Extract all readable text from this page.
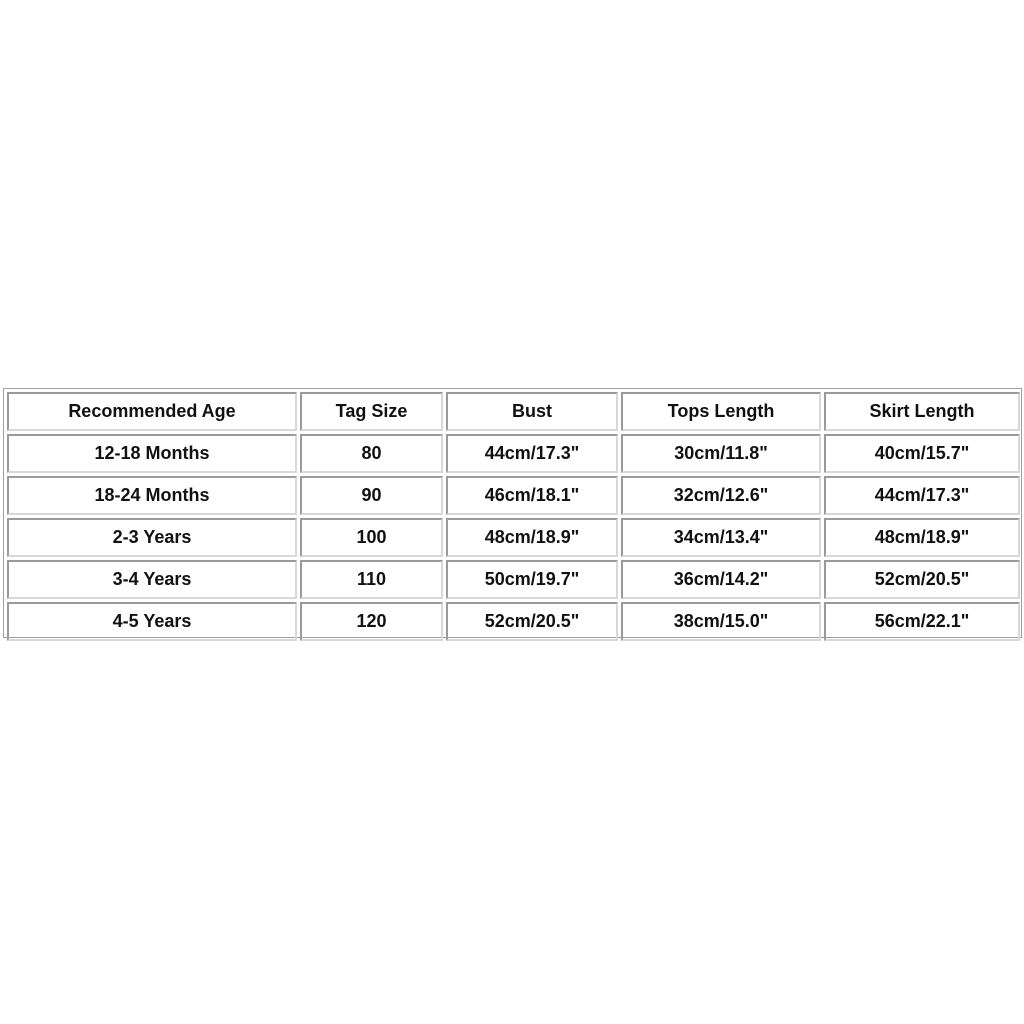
Recommended Age	Tag Size	Bust	Tops Length	Skirt Length
12-18 Months	80	44cm/17.3"	30cm/11.8"	40cm/15.7"
18-24 Months	90	46cm/18.1"	32cm/12.6"	44cm/17.3"
2-3 Years	100	48cm/18.9"	34cm/13.4"	48cm/18.9"
3-4 Years	110	50cm/19.7"	36cm/14.2"	52cm/20.5"
4-5 Years	120	52cm/20.5"	38cm/15.0"	56cm/22.1"
